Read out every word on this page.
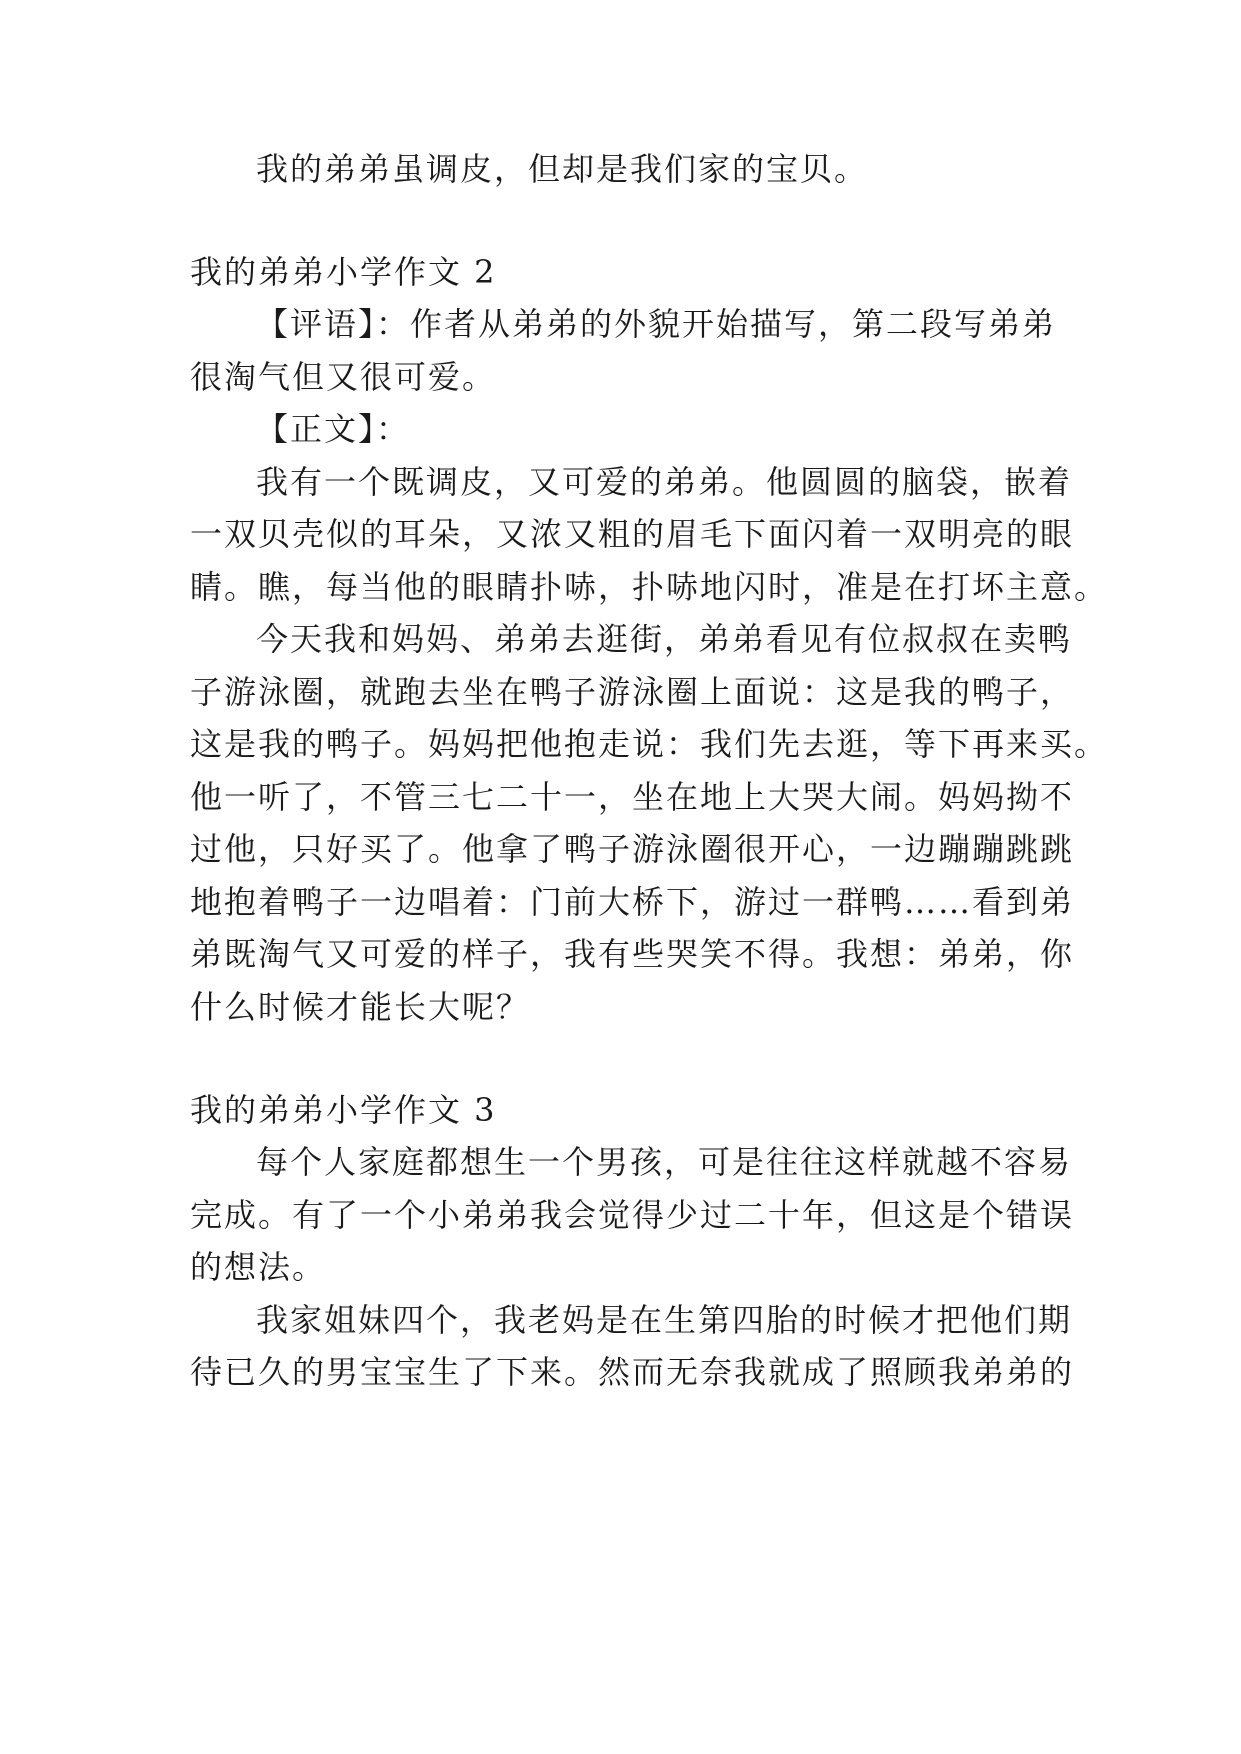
我的弟弟虽调皮，但却是我们家的宝贝。
我的弟弟小学作文 2
【评语】：作者从弟弟的外貌开始描写，第二段写弟弟
很淘气但又很可爱。
【正文】：
我有一个既调皮，又可爱的弟弟。他圆圆的脑袋，嵌着
一双贝壳似的耳朵，又浓又粗的眉毛下面闪着一双明亮的眼
睛。瞧，每当他的眼睛扑哧，扑哧地闪时，准是在打坏主意。
今天我和妈妈、弟弟去逛街，弟弟看见有位叔叔在卖鸭
子游泳圈，就跑去坐在鸭子游泳圈上面说：这是我的鸭子，
这是我的鸭子。妈妈把他抱走说：我们先去逛，等下再来买。
他一听了，不管三七二十一，坐在地上大哭大闹。妈妈拗不
过他，只好买了。他拿了鸭子游泳圈很开心，一边蹦蹦跳跳
地抱着鸭子一边唱着：门前大桥下，游过一群鸭……看到弟
弟既淘气又可爱的样子，我有些哭笑不得。我想：弟弟，你
什么时候才能长大呢？
我的弟弟小学作文 3
每个人家庭都想生一个男孩，可是往往这样就越不容易
完成。有了一个小弟弟我会觉得少过二十年，但这是个错误
的想法。
我家姐妹四个，我老妈是在生第四胎的时候才把他们期
待已久的男宝宝生了下来。然而无奈我就成了照顾我弟弟的
